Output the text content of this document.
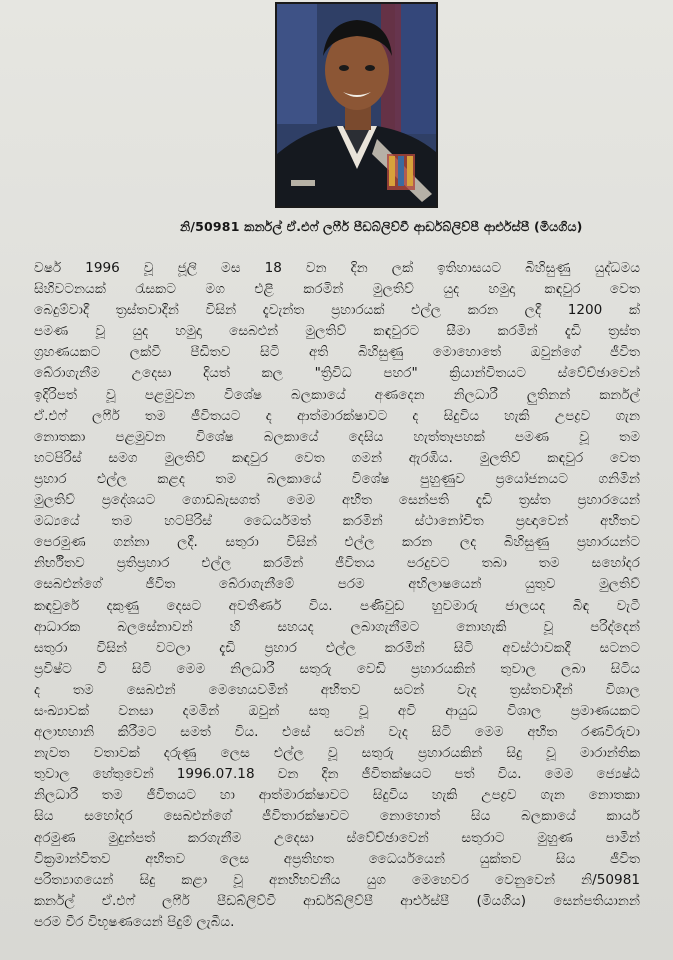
නි/50981 කර්නල් ඒ.එෆ් ලෆීර් පීඩබ්ලිව්වී ආර්ඩබ්ලිව්පී ආර්එස්පී (මියගිය)
වර්ෂ 1996 වූ ජූලි මස 18 වන දින ලක් ඉතිහාසයට බිහිසුණු යුද්ධමය
සිහිවටනයක් රැසකට මග එළි කරමින් මුලතිව් යුද හමුදා කඳවුර වෙත
බෙදුම්වාදී ත්‍රස්තවාදීන් විසින් දැවැන්ත ප්‍රහාරයක් එල්ල කරන ලදී 1200 ක්
පමණ වූ යුද හමුදා සෙබළුන් මුලතිව් කඳවුරට සීමා කරමින් දැඩි ත්‍රස්ත
ග්‍රහණයකට ලක්වී පීඩිතව සිටි අති බිහිසුණු මොහොතේ ඔවුන්ගේ ජීවිත
බේරාගැනීම උදෙසා දියත් කල "ත්‍රිවිධ පහර" ක්‍රියාන්විතයට ස්වේච්ඡාවෙන්
ඉදිරිපත් වූ පළමුවන විශේෂ බලකායේ අණදෙන නිලධාරී ලුතිනන් කර්නල්
ඒ.එෆ් ලෆීර් තම ජීවිතයට ද ආත්මාරක්ෂාවට ද සිදුවිය හැකි උපද්‍රව ගැන
නොතකා පළමුවන විශේෂ බලකායේ දෙසිය හැත්තෑපහක් පමණ වූ තම
හටපිරිස් සමග මුලතිව් කඳවුර වෙත ගමන් ඇරඹිය. මුලතිව් කඳවුර වෙත
ප්‍රහාර එල්ල කළද තම බලකායේ විශේෂ පුහුණුව ප්‍රයෝජනයට ගනිමින්
මුලතිව් ප්‍රදේශයට ගොඩබැසගත් මෙම අභීත සෙන්පති දැඩි ත්‍රස්ත ප්‍රහාරයෙන්
මධ්‍යයේ තම හටපිරිස් ධෛර්යමත් කරමින් ස්ථානෝචිත ප්‍රඥාවෙන් අභීතව
පෙරමුණ ගන්නා ලදී. සතුරා විසින් එල්ල කරන ලද බිහිසුණු ප්‍රහාරයන්ට
නිර්භීතව ප්‍රතිප්‍රහාර එල්ල කරමින් ජීවිතය පරදුවට තබා තම සහෝදර
සෙබළුන්ගේ ජීවිත බේරාගැනීමේ පරම අභිලාෂයෙන් යුතුව මුලතිව්
කඳවුරේ දකුණු දෙසට අවතීර්ණ විය. පණිවුඩ හුවමාරු ජාලයද බිඳ වැටී
ආධාරක බලසේනාවන් හි සහයද ලබාගැනීමට නොහැකි වූ පරිද්දෙන්
සතුරා විසින් වටලා දැඩි ප්‍රහාර එල්ල කරමින් සිටි අවස්ථාවකදී සටනට
ප්‍රවිෂ්ට වී සිටි මෙම නිලධාරී සතුරු වෙඩි ප්‍රහාරයකින් තුවාල ලබා සිටිය
ද තම සෙබළුන් මෙහෙයවමින් අභීතව සටන් වැද ත්‍රස්තවාදීන් විශාල
සංඛ්‍යාවක් වනසා දමමින් ඔවුන් සතු වූ අවි ආයුධ විශාල ප්‍රමාණයකට
අලාභහානි කිරීමට සමත් විය. එසේ සටන් වැද සිටි මෙම අභීත රණවිරුවා
නැවත වතාවක් දරුණු ලෙස එල්ල වූ සතුරු ප්‍රහාරයකින් සිදු වූ මාරාන්තික
තුවාල හේතුවෙන් 1996.07.18 වන දින ජීවිතක්ෂයට පත් විය. මෙම ජ්‍යෙෂ්ඨ
නිලධාරී තම ජීවිතයට හා ආත්මාරක්ෂාවට සිදුවිය හැකි උපද්‍රව ගැන නොතකා
සිය සහෝදර සෙබළුන්ගේ ජීවිතාරක්ෂාවට නොහොත් සිය බලකායේ කාර්ය
අරමුණ මුදුන්පත් කරගැනීම උදෙසා ස්වේච්ඡාවෙන් සතුරාට මුහුණ පාමින්
වික්‍රමාන්විතව අභීතව ලෙස අප්‍රතිහත ධෛර්යයෙන් යුක්තව සිය ජීවිත
පරිත්‍යාගයෙන් සිදු කළා වූ අනභිභවනීය යුග මෙහෙවර වෙනුවෙන් නි/50981
කර්නල් ඒ.එෆ් ලෆීර් පීඩබ්ලිව්වී ආර්ඩබ්ලිව්පී ආර්එස්පී (මියගිය) සෙන්පතියානන්
පරම වීර විභූෂණයෙන් පිදුම් ලැබීය.
